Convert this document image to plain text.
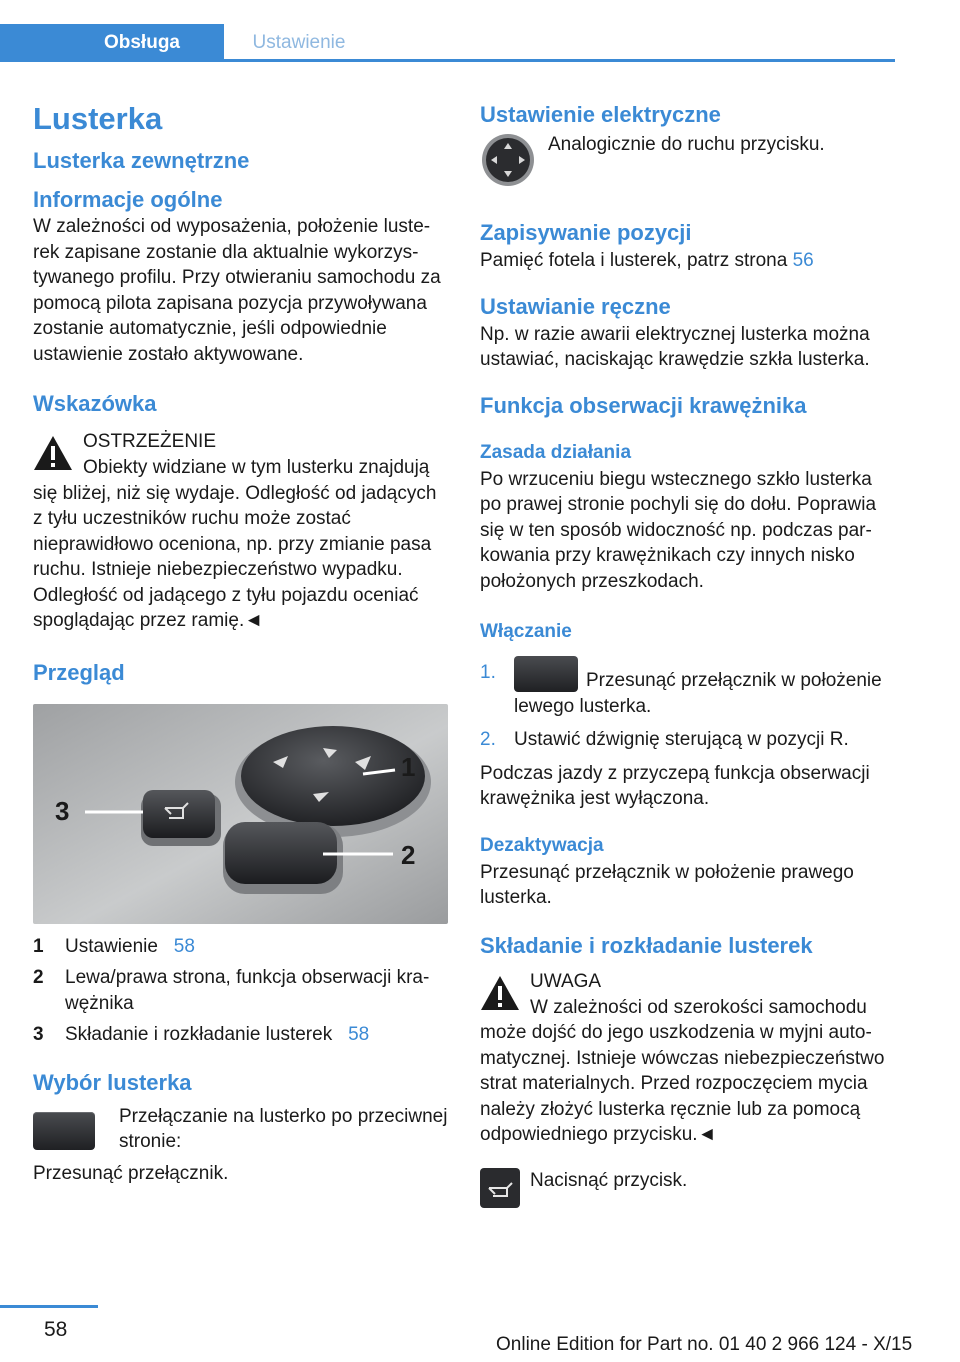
Obsługa	Ustawienie
Lusterka
Lusterka zewnętrzne
Informacje ogólne
W zależności od wyposażenia, położenie lusterek zapisane zostanie dla aktualnie wykorzystywanego profilu. Przy otwieraniu samochodu za pomocą pilota zapisana pozycja przywoływana zostanie automatycznie, jeśli odpowiednie ustawienie zostało aktywowane.
Wskazówka
OSTRZEŻENIE
Obiekty widziane w tym lusterku znajdują
się bliżej, niż się wydaje. Odległość od jadących z tyłu uczestników ruchu może zostać nieprawidłowo oceniona, np. przy zmianie pasa ruchu. Istnieje niebezpieczeństwo wypadku. Odległość od jadącego z tyłu pojazdu oceniać spoglądając przez ramię.◄
Przegląd
3
1
2
1	Ustawienie 58
2	Lewa/prawa strona, funkcja obserwacji krawężnika
3	Składanie i rozkładanie lusterek 58
Wybór lusterka
Przełączanie na lusterko po przeciwnej stronie:
Przesunąć przełącznik.
Ustawienie elektryczne
Analogicznie do ruchu przycisku.
Zapisywanie pozycji
Pamięć fotela i lusterek, patrz strona 56
Ustawianie ręczne
Np. w razie awarii elektrycznej lusterka można ustawiać, naciskając krawędzie szkła lusterka.
Funkcja obserwacji krawężnika
Zasada działania
Po wrzuceniu biegu wstecznego szkło lusterka po prawej stronie pochyli się do dołu. Poprawia się w ten sposób widoczność np. podczas parkowania przy krawężnikach czy innych nisko położonych przeszkodach.
Włączanie
1.	Przesunąć przełącznik w położenie lewego lusterka.
2. Ustawić dźwignię sterującą w pozycji R.
Podczas jazdy z przyczepą funkcja obserwacji krawężnika jest wyłączona.
Dezaktywacja
Przesunąć przełącznik w położenie prawego lusterka.
Składanie i rozkładanie lusterek
UWAGA
W zależności od szerokości samochodu
może dojść do jego uszkodzenia w myjni automatycznej. Istnieje wówczas niebezpieczeństwo strat materialnych. Przed rozpoczęciem mycia należy złożyć lusterka ręcznie lub za pomocą odpowiedniego przycisku.◄
Nacisnąć przycisk.
58
Online Edition for Part no. 01 40 2 966 124 - X/15
